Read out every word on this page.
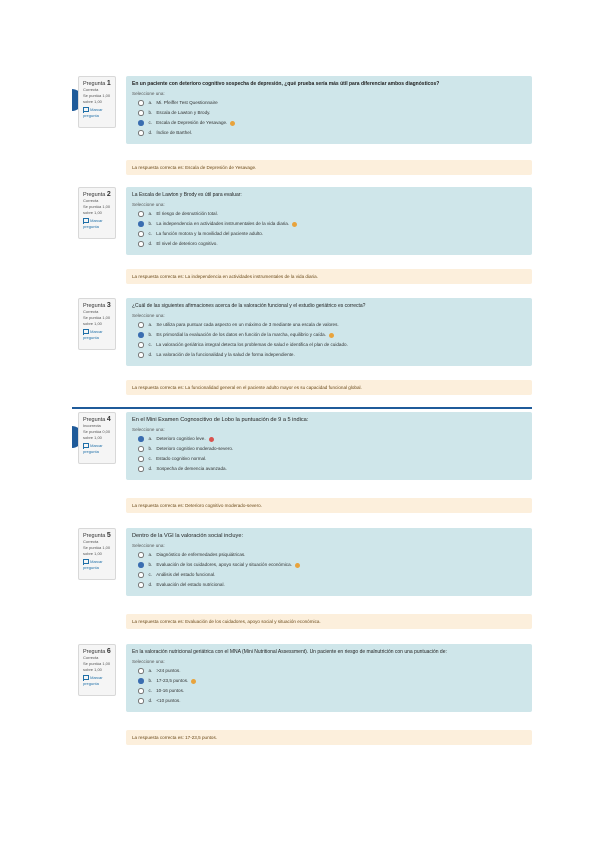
Pregunta 1
Correcta
Se puntúa 1,00 sobre 1,00
Marcar pregunta
En un paciente con deterioro cognitivo sospecha de depresión, ¿qué prueba sería más útil para diferenciar ambos diagnósticos?
Seleccione una:
a. Mi. Pfeiffer Test Questionnaire
b. Escala de Lawton y Brody.
c. Escala de Depresión de Yesavage.
d. Índice de Barthel.
La respuesta correcta es: Escala de Depresión de Yesavage.
Pregunta 2
Correcta
Se puntúa 1,00 sobre 1,00
Marcar pregunta
La Escala de Lawton y Brody es útil para evaluar:
Seleccione una:
a. El riesgo de desnutrición total.
b. La independencia en actividades instrumentales de la vida diaria.
c. La función motora y la movilidad del paciente adulto.
d. El nivel de deterioro cognitivo.
La respuesta correcta es: La independencia en actividades instrumentales de la vida diaria.
Pregunta 3
Correcta
Se puntúa 1,00 sobre 1,00
Marcar pregunta
¿Cuál de las siguientes afirmaciones acerca de la valoración funcional y el estudio geriátrico es correcta?
Seleccione una:
a. Se utiliza para puntuar cada aspecto en un máximo de 3 mediante una escala de valores.
b. Es primordial la evaluación de los datos en función de la marcha, equilibrio y caída.
c. La valoración geriátrica integral detecta los problemas de salud e identifica el plan de cuidado.
d. La valoración de la funcionalidad y la salud de forma independiente.
La respuesta correcta es: La funcionalidad general en el paciente adulto mayor es su capacidad funcional global.
Pregunta 4
Incorrecta
Se puntúa 0,00 sobre 1,00
Marcar pregunta
En el Mini Examen Cognoscitivo de Lobo la puntuación de 9 a 5 indica:
Seleccione una:
a. Deterioro cognitivo leve.
b. Deterioro cognitivo moderado-severo.
c. Estado cognitivo normal.
d. Sospecha de demencia avanzada.
La respuesta correcta es: Deterioro cognitivo moderado-severo.
Pregunta 5
Correcta
Se puntúa 1,00 sobre 1,00
Marcar pregunta
Dentro de la VGI la valoración social incluye:
Seleccione una:
a. Diagnóstico de enfermedades psiquiátricas.
b. Evaluación de los cuidadores, apoyo social y situación económica.
c. Análisis del estado funcional.
d. Evaluación del estado nutricional.
La respuesta correcta es: Evaluación de los cuidadores, apoyo social y situación económica.
Pregunta 6
Correcta
Se puntúa 1,00 sobre 1,00
Marcar pregunta
En la valoración nutricional geriátrica con el MNA (Mini Nutritional Assessment). Un paciente en riesgo de malnutrición con una puntuación de:
Seleccione una:
a. >24 puntos.
b. 17-23,5 puntos.
c. 10-16 puntos.
d. <10 puntos.
La respuesta correcta es: 17-23,5 puntos.
